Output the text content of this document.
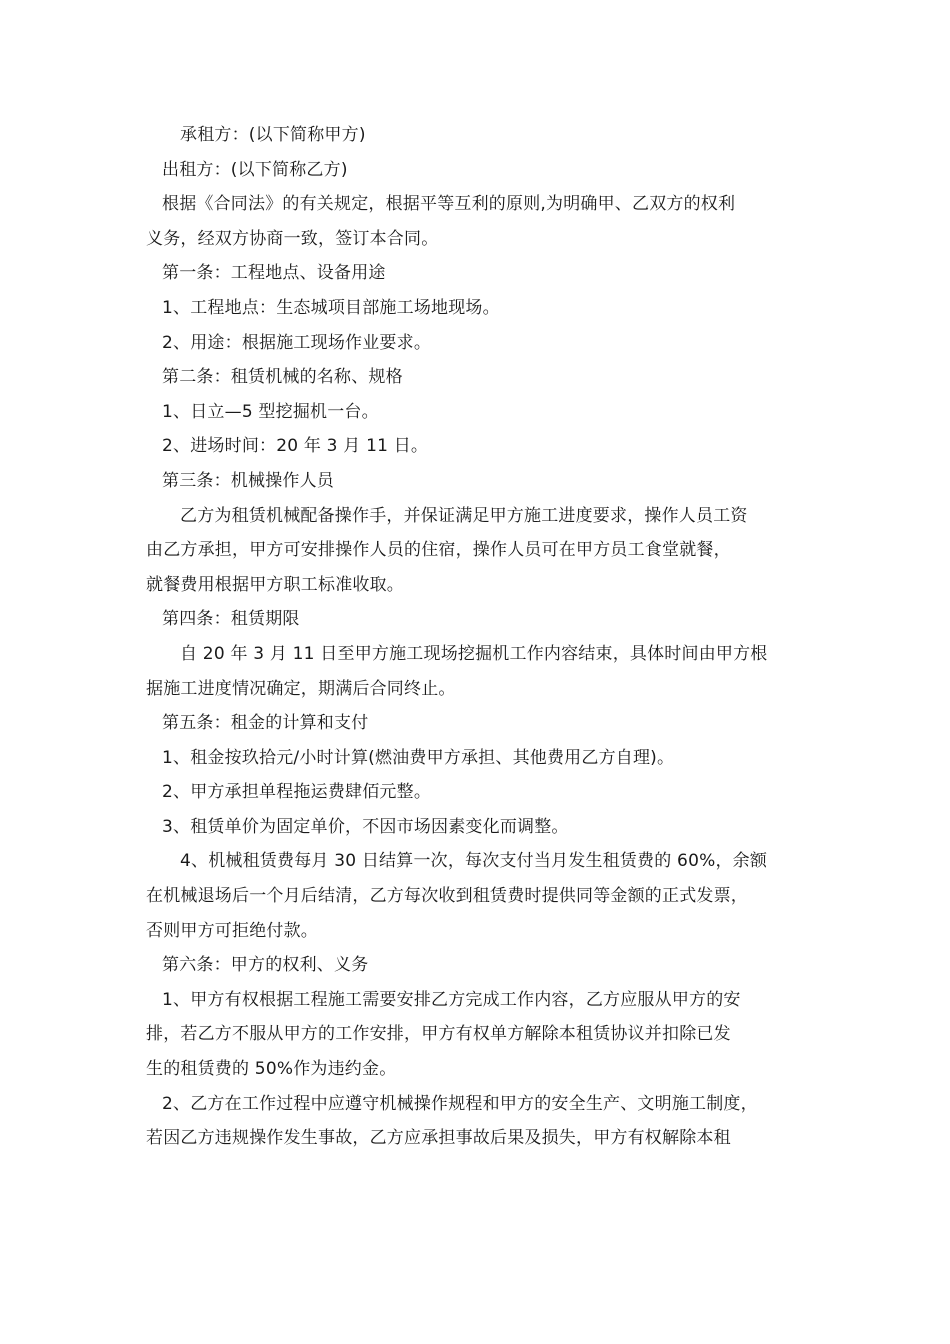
承租方：(以下简称甲方)
出租方：(以下简称乙方)
根据《合同法》的有关规定，根据平等互利的原则,为明确甲、乙双方的权利
义务，经双方协商一致，签订本合同。
第一条：工程地点、设备用途
1、工程地点：生态城项目部施工场地现场。
2、用途：根据施工现场作业要求。
第二条：租赁机械的名称、规格
1、日立—5 型挖掘机一台。
2、进场时间：20 年 3 月 11 日。
第三条：机械操作人员
乙方为租赁机械配备操作手，并保证满足甲方施工进度要求，操作人员工资
由乙方承担，甲方可安排操作人员的住宿，操作人员可在甲方员工食堂就餐，
就餐费用根据甲方职工标准收取。
第四条：租赁期限
自 20 年 3 月 11 日至甲方施工现场挖掘机工作内容结束，具体时间由甲方根
据施工进度情况确定，期满后合同终止。
第五条：租金的计算和支付
1、租金按玖拾元/小时计算(燃油费甲方承担、其他费用乙方自理)。
2、甲方承担单程拖运费肆佰元整。
3、租赁单价为固定单价，不因市场因素变化而调整。
4、机械租赁费每月 30 日结算一次，每次支付当月发生租赁费的 60%，余额
在机械退场后一个月后结清，乙方每次收到租赁费时提供同等金额的正式发票，
否则甲方可拒绝付款。
第六条：甲方的权利、义务
1、甲方有权根据工程施工需要安排乙方完成工作内容，乙方应服从甲方的安
排，若乙方不服从甲方的工作安排，甲方有权单方解除本租赁协议并扣除已发
生的租赁费的 50%作为违约金。
2、乙方在工作过程中应遵守机械操作规程和甲方的安全生产、文明施工制度，
若因乙方违规操作发生事故，乙方应承担事故后果及损失，甲方有权解除本租
